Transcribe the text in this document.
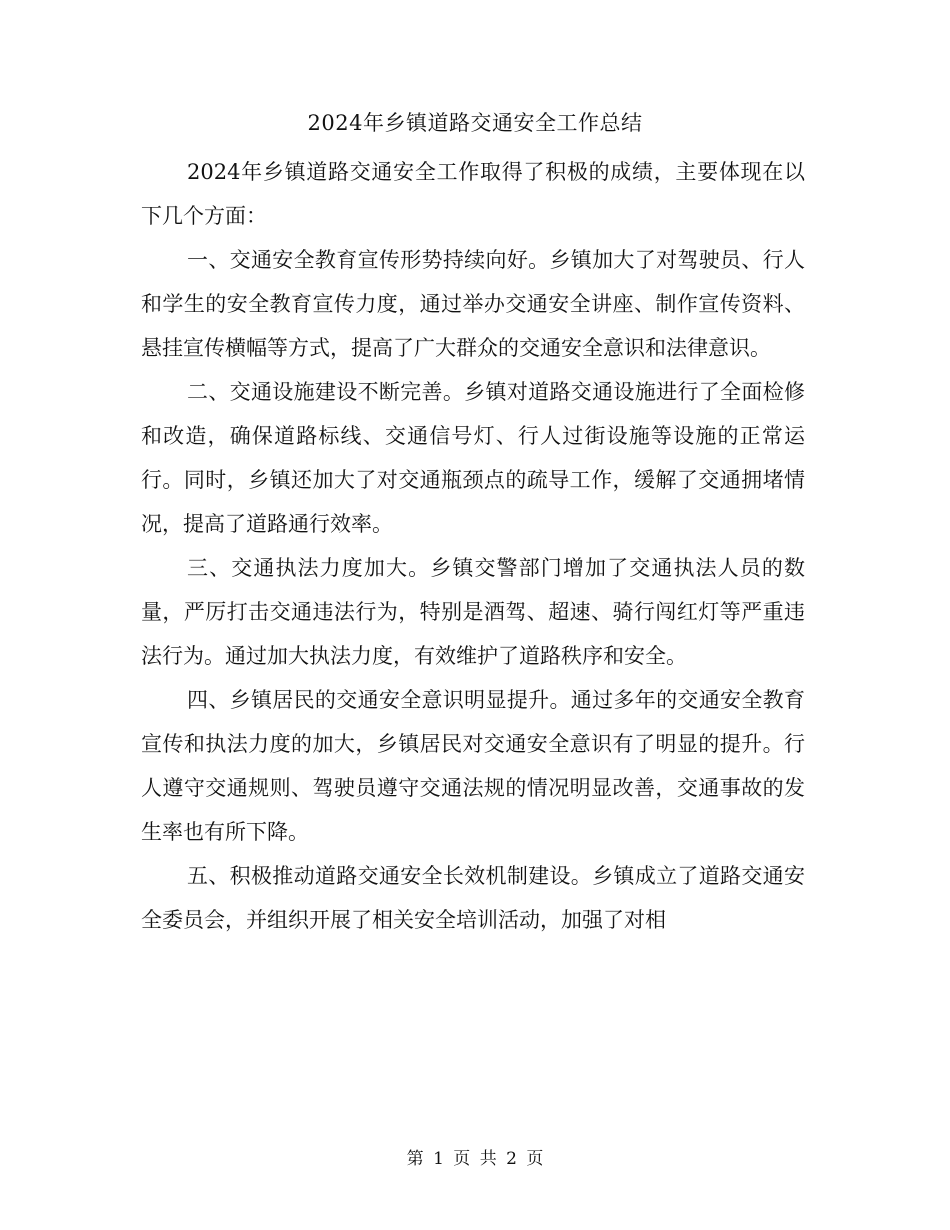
2024年乡镇道路交通安全工作总结

2024年乡镇道路交通安全工作取得了积极的成绩，主要体现在以下几个方面：

一、交通安全教育宣传形势持续向好。乡镇加大了对驾驶员、行人和学生的安全教育宣传力度，通过举办交通安全讲座、制作宣传资料、悬挂宣传横幅等方式，提高了广大群众的交通安全意识和法律意识。

二、交通设施建设不断完善。乡镇对道路交通设施进行了全面检修和改造，确保道路标线、交通信号灯、行人过街设施等设施的正常运行。同时，乡镇还加大了对交通瓶颈点的疏导工作，缓解了交通拥堵情况，提高了道路通行效率。

三、交通执法力度加大。乡镇交警部门增加了交通执法人员的数量，严厉打击交通违法行为，特别是酒驾、超速、骑行闯红灯等严重违法行为。通过加大执法力度，有效维护了道路秩序和安全。

四、乡镇居民的交通安全意识明显提升。通过多年的交通安全教育宣传和执法力度的加大，乡镇居民对交通安全意识有了明显的提升。行人遵守交通规则、驾驶员遵守交通法规的情况明显改善，交通事故的发生率也有所下降。

五、积极推动道路交通安全长效机制建设。乡镇成立了道路交通安全委员会，并组织开展了相关安全培训活动，加强了对相

第 1 页 共 2 页
